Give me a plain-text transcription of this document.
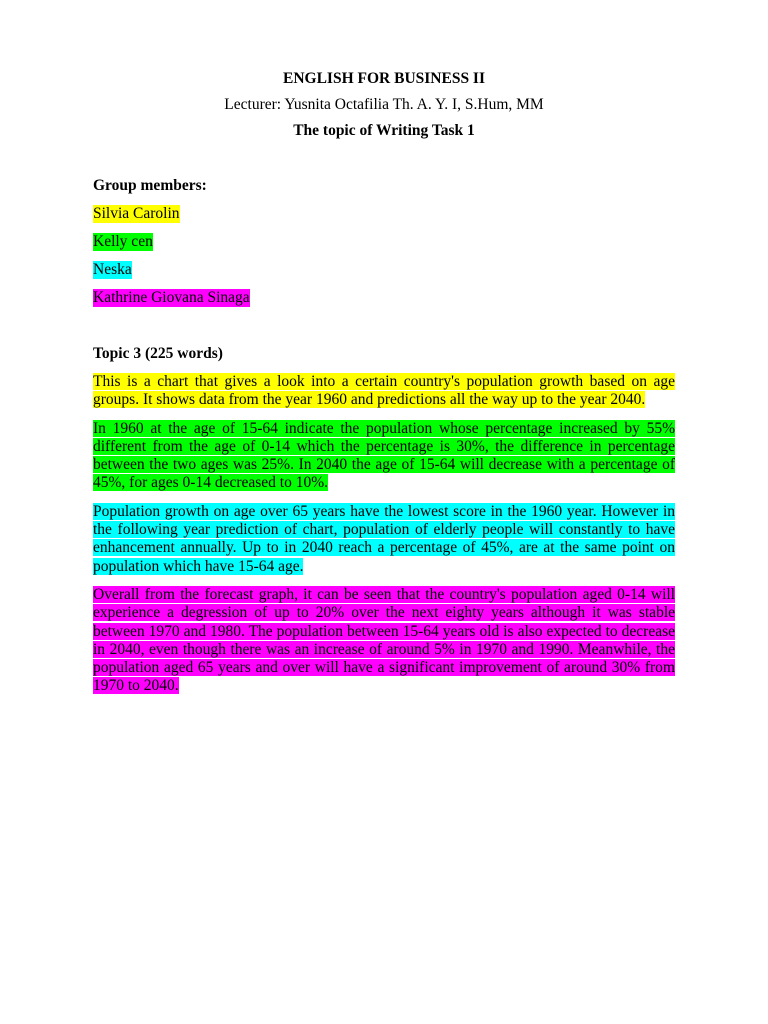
ENGLISH FOR BUSINESS II

Lecturer: Yusnita Octafilia Th. A. Y. I, S.Hum, MM

The topic of Writing Task 1

Group members:

Silvia Carolin

Kelly cen

Neska

Kathrine Giovana Sinaga

Topic 3 (225 words)

This is a chart that gives a look into a certain country's population growth based on age groups. It shows data from the year 1960 and predictions all the way up to the year 2040.

In 1960 at the age of 15-64 indicate the population whose percentage increased by 55% different from the age of 0-14 which the percentage is 30%, the difference in percentage between the two ages was 25%. In 2040 the age of 15-64 will decrease with a percentage of 45%, for ages 0-14 decreased to 10%.

Population growth on age over 65 years have the lowest score in the 1960 year. However in the following year prediction of chart, population of elderly people will constantly to have enhancement annually. Up to in 2040 reach a percentage of 45%, are at the same point on population which have 15-64 age.

Overall from the forecast graph, it can be seen that the country's population aged 0-14 will experience a degression of up to 20% over the next eighty years although it was stable between 1970 and 1980. The population between 15-64 years old is also expected to decrease in 2040, even though there was an increase of around 5% in 1970 and 1990. Meanwhile, the population aged 65 years and over will have a significant improvement of around 30% from 1970 to 2040.
